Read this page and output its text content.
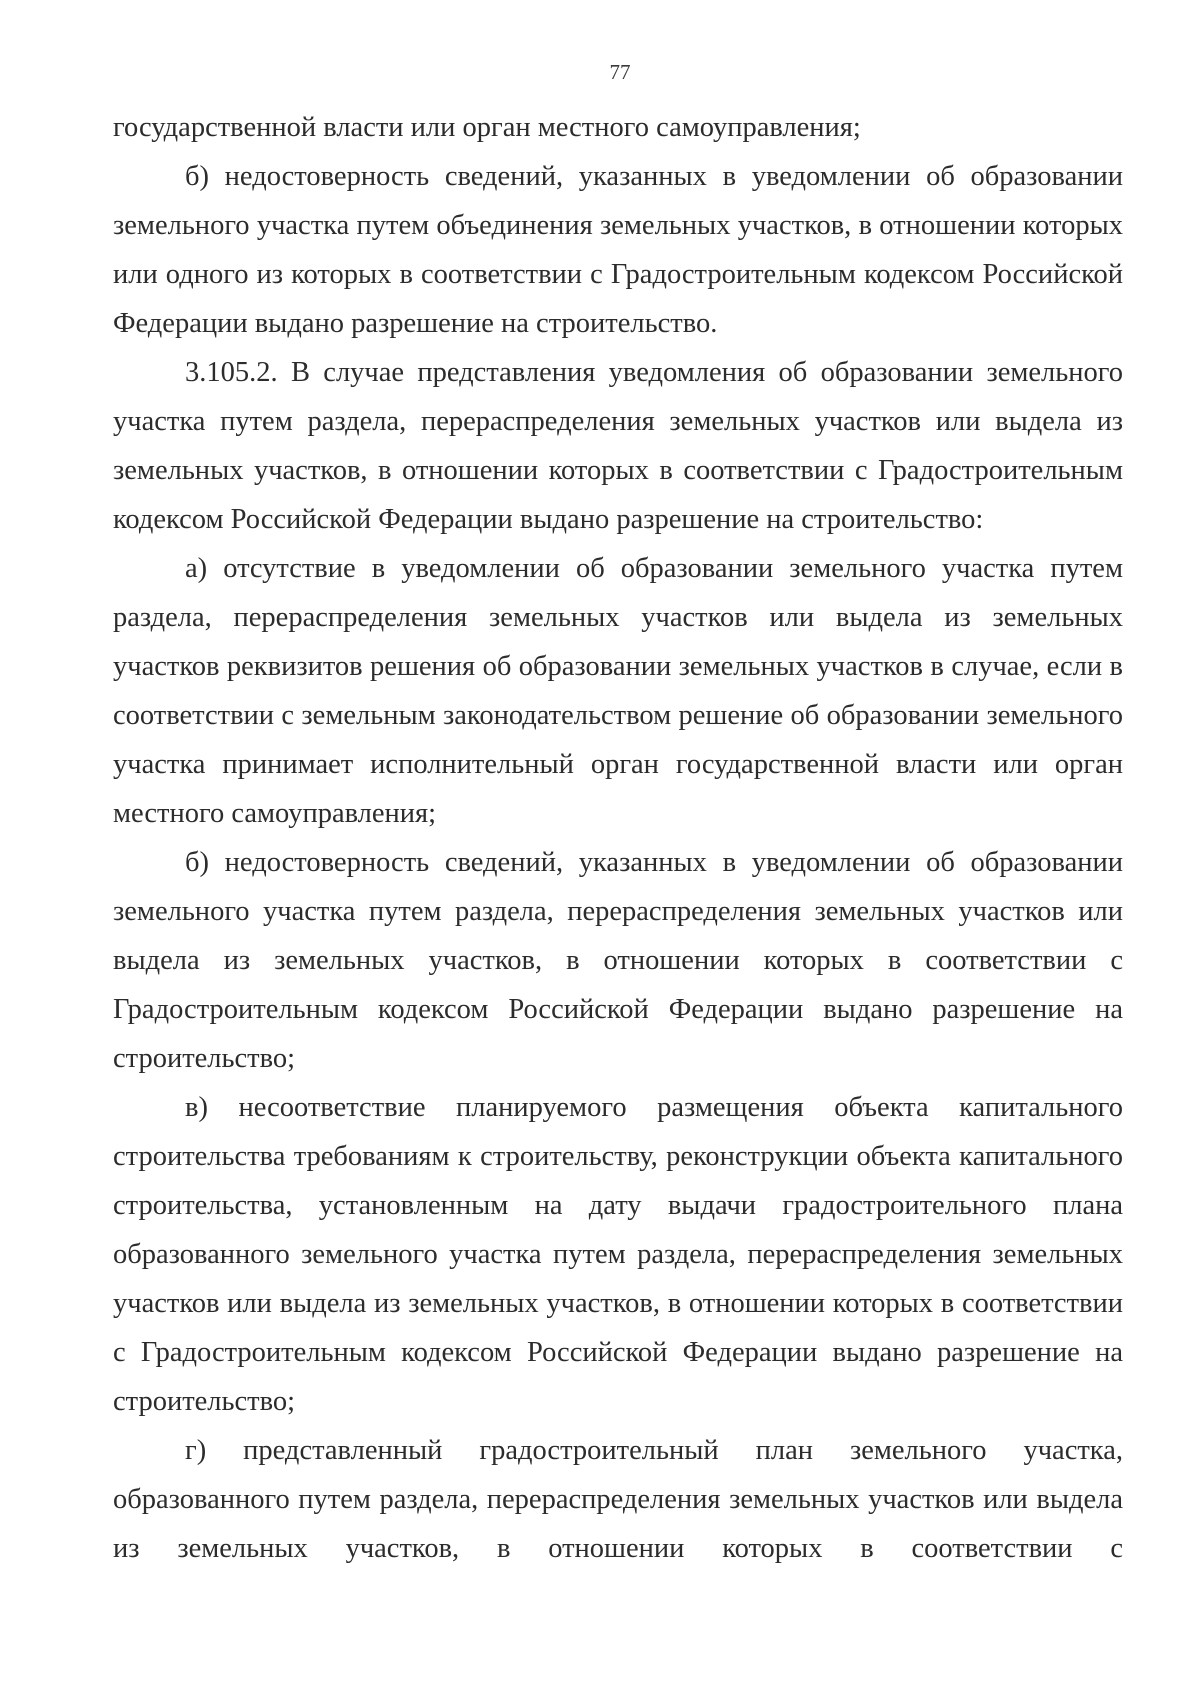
77

государственной власти или орган местного самоуправления;

б) недостоверность сведений, указанных в уведомлении об образовании земельного участка путем объединения земельных участков, в отношении которых или одного из которых в соответствии с Градостроительным кодексом Российской Федерации выдано разрешение на строительство.

3.105.2. В случае представления уведомления об образовании земельного участка путем раздела, перераспределения земельных участков или выдела из земельных участков, в отношении которых в соответствии с Градостроительным кодексом Российской Федерации выдано разрешение на строительство:

а) отсутствие в уведомлении об образовании земельного участка путем раздела, перераспределения земельных участков или выдела из земельных участков реквизитов решения об образовании земельных участков в случае, если в соответствии с земельным законодательством решение об образовании земельного участка принимает исполнительный орган государственной власти или орган местного самоуправления;

б) недостоверность сведений, указанных в уведомлении об образовании земельного участка путем раздела, перераспределения земельных участков или выдела из земельных участков, в отношении которых в соответствии с Градостроительным кодексом Российской Федерации выдано разрешение на строительство;

в) несоответствие планируемого размещения объекта капитального строительства требованиям к строительству, реконструкции объекта капитального строительства, установленным на дату выдачи градостроительного плана образованного земельного участка путем раздела, перераспределения земельных участков или выдела из земельных участков, в отношении которых в соответствии с Градостроительным кодексом Российской Федерации выдано разрешение на строительство;

г) представленный градостроительный план земельного участка, образованного путем раздела, перераспределения земельных участков или выдела из земельных участков, в отношении которых в соответствии с
